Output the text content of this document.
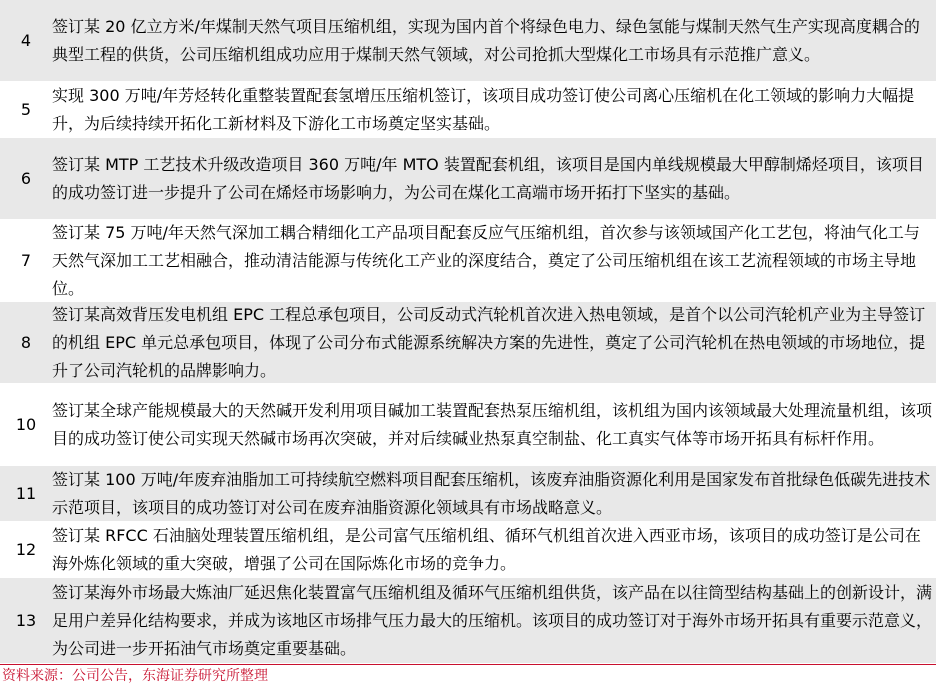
4
签订某 20 亿立方米/年煤制天然气项目压缩机组，实现为国内首个将绿色电力、绿色氢能与煤制天然气生产实现高度耦合的典型工程的供货，公司压缩机组成功应用于煤制天然气领域，对公司抢抓大型煤化工市场具有示范推广意义。
5
实现 300 万吨/年芳烃转化重整装置配套氢增压压缩机签订，该项目成功签订使公司离心压缩机在化工领域的影响力大幅提升，为后续持续开拓化工新材料及下游化工市场奠定坚实基础。
6
签订某 MTP 工艺技术升级改造项目 360 万吨/年 MTO 装置配套机组，该项目是国内单线规模最大甲醇制烯烃项目，该项目的成功签订进一步提升了公司在烯烃市场影响力，为公司在煤化工高端市场开拓打下坚实的基础。
7
签订某 75 万吨/年天然气深加工耦合精细化工产品项目配套反应气压缩机组，首次参与该领域国产化工艺包，将油气化工与天然气深加工工艺相融合，推动清洁能源与传统化工产业的深度结合，奠定了公司压缩机组在该工艺流程领域的市场主导地位。
8
签订某高效背压发电机组 EPC 工程总承包项目，公司反动式汽轮机首次进入热电领域，是首个以公司汽轮机产业为主导签订的机组 EPC 单元总承包项目，体现了公司分布式能源系统解决方案的先进性，奠定了公司汽轮机在热电领域的市场地位，提升了公司汽轮机的品牌影响力。
10
签订某全球产能规模最大的天然碱开发利用项目碱加工装置配套热泵压缩机组，该机组为国内该领域最大处理流量机组，该项目的成功签订使公司实现天然碱市场再次突破，并对后续碱业热泵真空制盐、化工真实气体等市场开拓具有标杆作用。
11
签订某 100 万吨/年废弃油脂加工可持续航空燃料项目配套压缩机，该废弃油脂资源化利用是国家发布首批绿色低碳先进技术示范项目，该项目的成功签订对公司在废弃油脂资源化领域具有市场战略意义。
12
签订某 RFCC 石油脑处理装置压缩机组，是公司富气压缩机组、循环气机组首次进入西亚市场，该项目的成功签订是公司在海外炼化领域的重大突破，增强了公司在国际炼化市场的竞争力。
13
签订某海外市场最大炼油厂延迟焦化装置富气压缩机组及循环气压缩机组供货，该产品在以往筒型结构基础上的创新设计，满足用户差异化结构要求，并成为该地区市场排气压力最大的压缩机。该项目的成功签订对于海外市场开拓具有重要示范意义，为公司进一步开拓油气市场奠定重要基础。
资料来源：公司公告，东海证券研究所整理
